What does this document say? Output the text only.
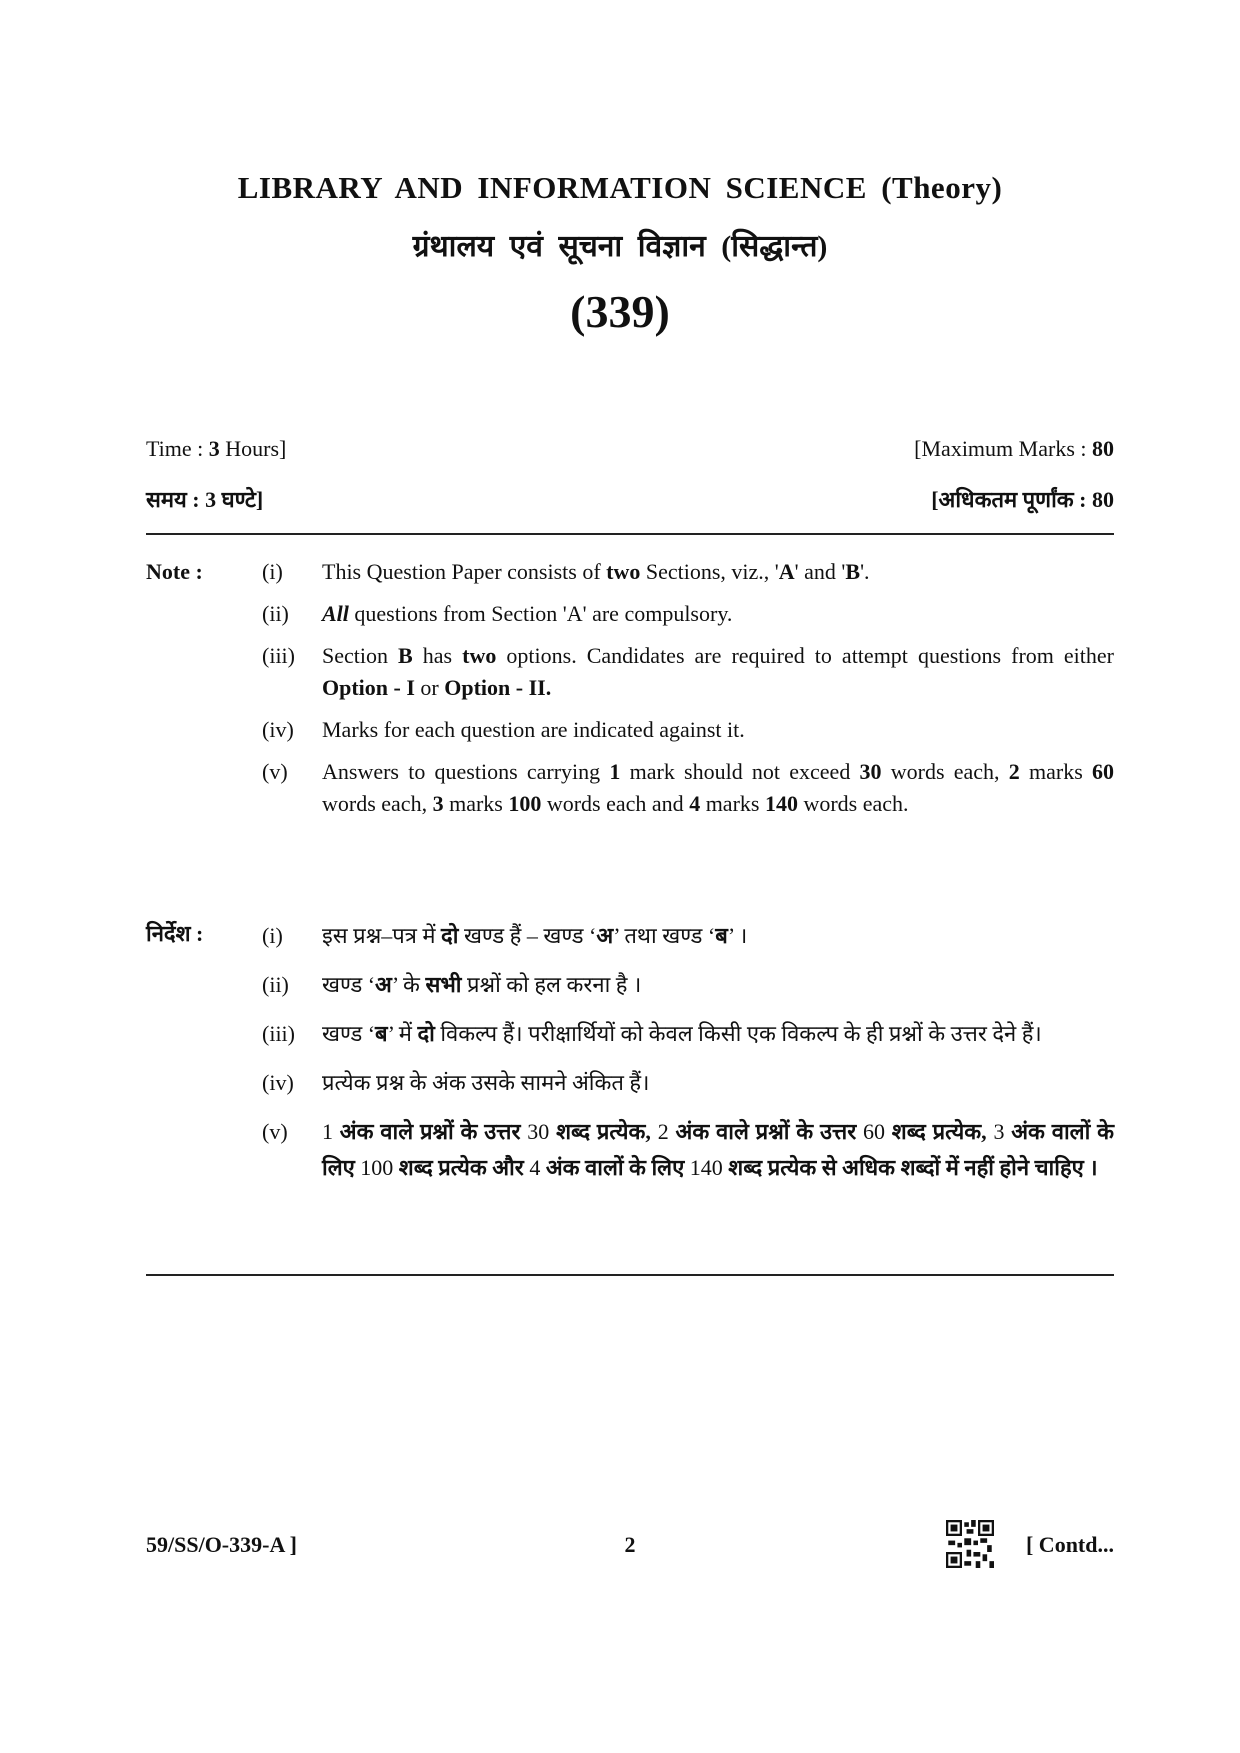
LIBRARY AND INFORMATION SCIENCE (Theory)
ग्रंथालय एवं सूचना विज्ञान (सिद्धान्त)
(339)
Time : 3 Hours]	[Maximum Marks : 80
समय : 3 घण्टे]	[अधिकतम पूर्णांक : 80
Note :	(i) This Question Paper consists of two Sections, viz., 'A' and 'B'.
(ii) All questions from Section 'A' are compulsory.
(iii) Section B has two options. Candidates are required to attempt questions from either Option - I or Option - II.
(iv) Marks for each question are indicated against it.
(v) Answers to questions carrying 1 mark should not exceed 30 words each, 2 marks 60 words each, 3 marks 100 words each and 4 marks 140 words each.
निर्देश :	(i) इस प्रश्न–पत्र में दो खण्ड हैं – खण्ड ‘अ’ तथा खण्ड ‘ब’ ।
(ii) खण्ड ‘अ’ के सभी प्रश्नों को हल करना है ।
(iii) खण्ड ‘ब’ में दो विकल्प हैं। परीक्षार्थियों को केवल किसी एक विकल्प के ही प्रश्नों के उत्तर देने हैं।
(iv) प्रत्येक प्रश्न के अंक उसके सामने अंकित हैं।
(v) 1 अंक वाले प्रश्नों के उत्तर 30 शब्द प्रत्येक, 2 अंक वाले प्रश्नों के उत्तर 60 शब्द प्रत्येक, 3 अंक वालों के लिए 100 शब्द प्रत्येक और 4 अंक वालों के लिए 140 शब्द प्रत्येक से अधिक शब्दों में नहीं होने चाहिए ।
59/SS/O-339-A ]	2	[ Contd...
